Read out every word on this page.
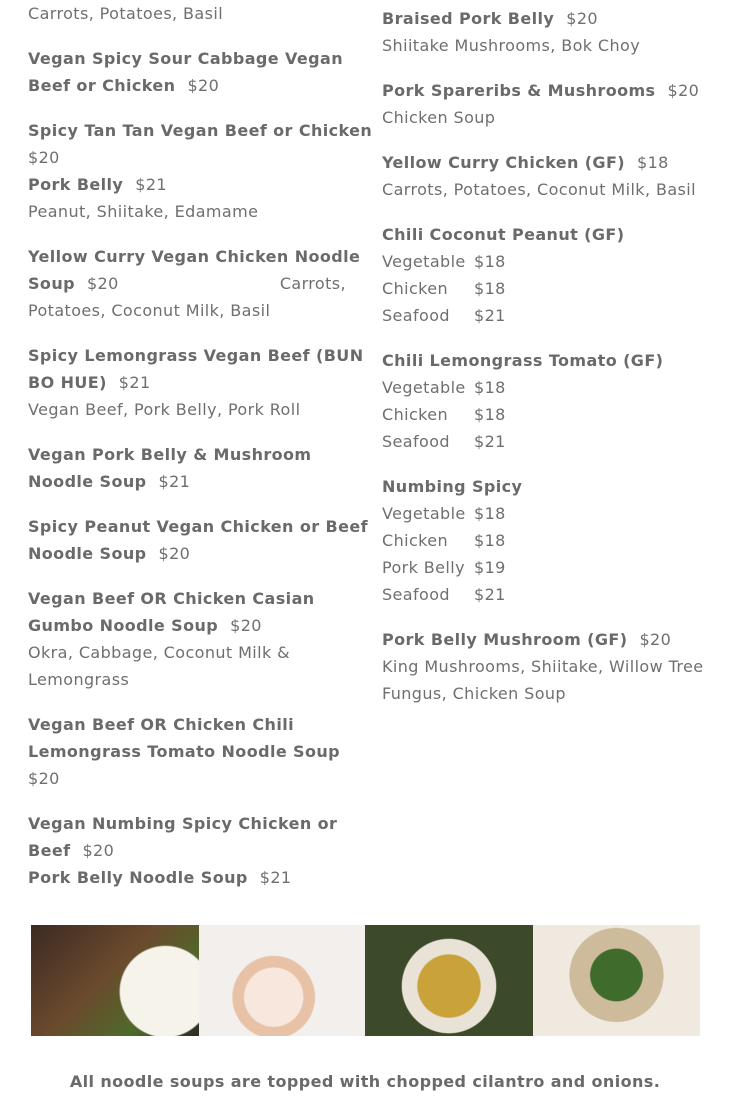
Carrots, Potatoes, Basil
Vegan Spicy Sour Cabbage Vegan
Beef or Chicken $20
Spicy Tan Tan Vegan Beef or Chicken
$20
Pork Belly $21
Peanut, Shiitake, Edamame
Yellow Curry Vegan Chicken Noodle
Soup $20	Carrots,
Potatoes, Coconut Milk, Basil
Spicy Lemongrass Vegan Beef (BUN
BO HUE) $21
Vegan Beef, Pork Belly, Pork Roll
Vegan Pork Belly & Mushroom
Noodle Soup $21
Spicy Peanut Vegan Chicken or Beef
Noodle Soup $20
Vegan Beef OR Chicken Casian
Gumbo Noodle Soup $20
Okra, Cabbage, Coconut Milk &
Lemongrass
Vegan Beef OR Chicken Chili
Lemongrass Tomato Noodle Soup
$20
Vegan Numbing Spicy Chicken or
Beef $20
Pork Belly Noodle Soup $21
Braised Pork Belly $20
Shiitake Mushrooms, Bok Choy
Pork Spareribs & Mushrooms $20
Chicken Soup
Yellow Curry Chicken (GF) $18
Carrots, Potatoes, Coconut Milk, Basil
Chili Coconut Peanut (GF)
Vegetable $18
Chicken	$18
Seafood	$21
Chili Lemongrass Tomato (GF)
Vegetable $18
Chicken	$18
Seafood	$21
Numbing Spicy
Vegetable $18
Chicken	$18
Pork Belly $19
Seafood	$21
Pork Belly Mushroom (GF) $20
King Mushrooms, Shiitake, Willow Tree
Fungus, Chicken Soup
All noodle soups are topped with chopped cilantro and onions.
